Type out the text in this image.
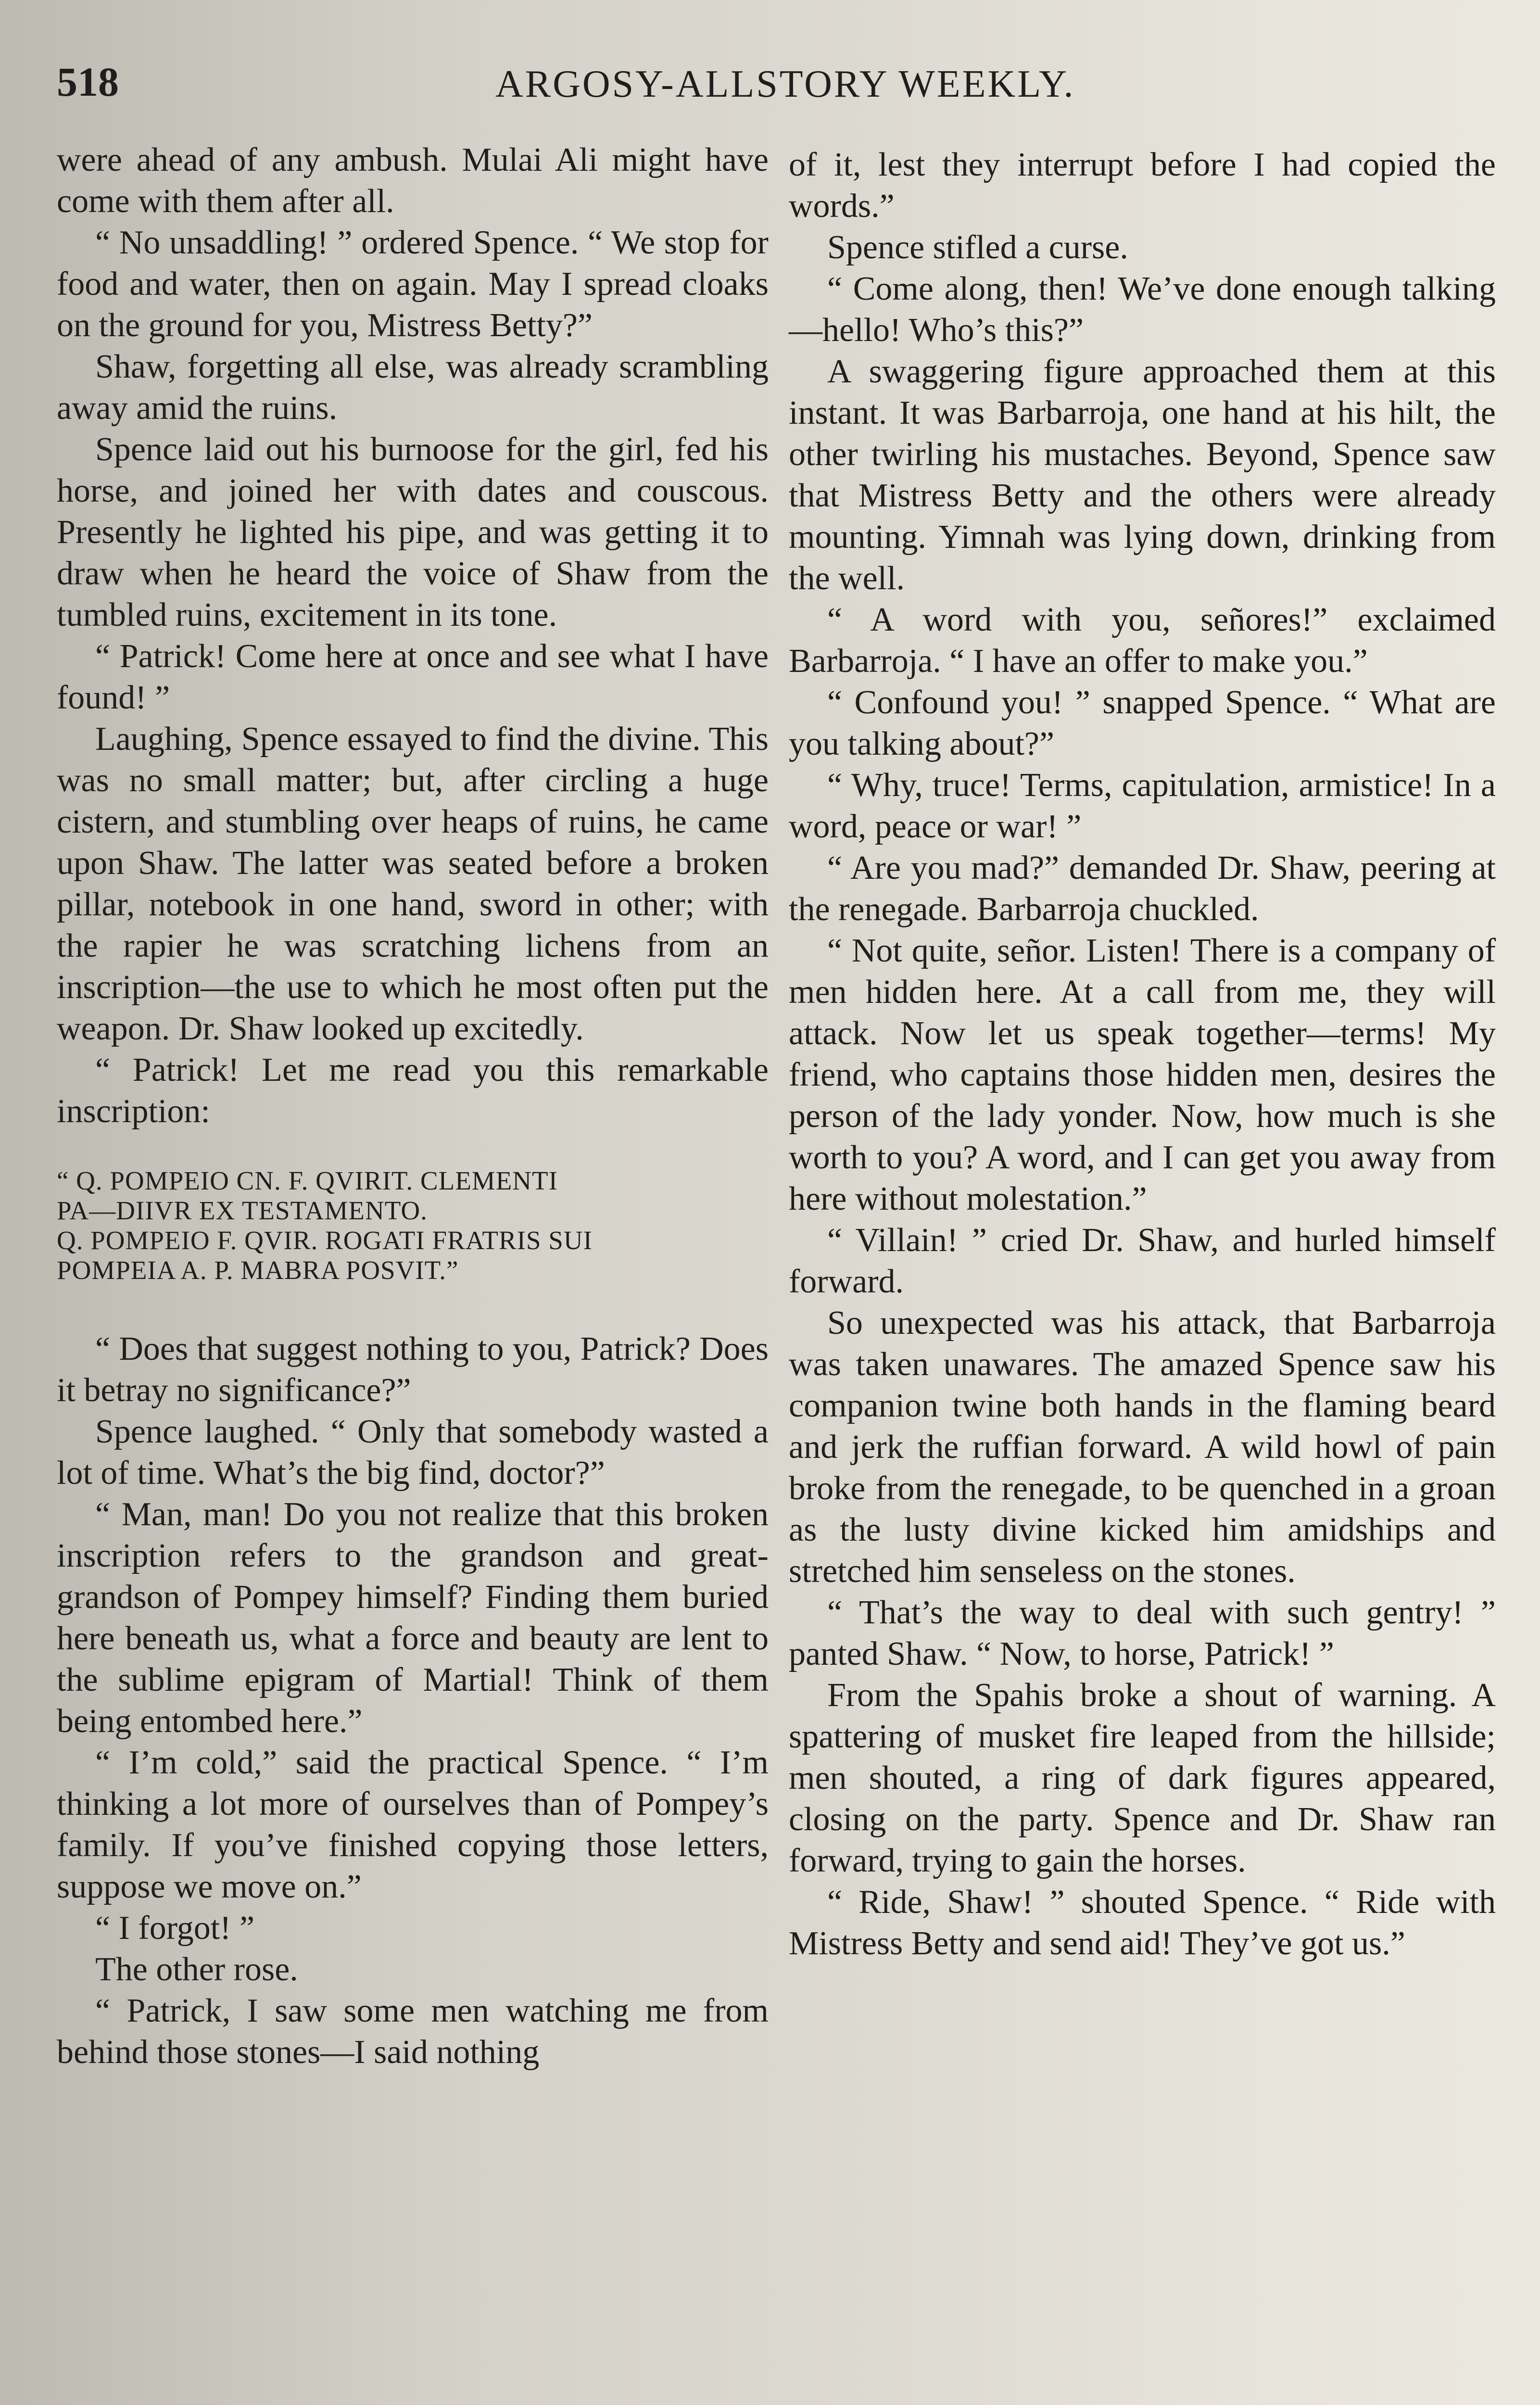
518	ARGOSY-ALLSTORY WEEKLY.

were ahead of any ambush. Mulai Ali might have come with them after all.

“ No unsaddling! ” ordered Spence. “ We stop for food and water, then on again. May I spread cloaks on the ground for you, Mistress Betty?”

Shaw, forgetting all else, was already scrambling away amid the ruins.

Spence laid out his burnoose for the girl, fed his horse, and joined her with dates and couscous. Presently he lighted his pipe, and was getting it to draw when he heard the voice of Shaw from the tumbled ruins, excitement in its tone.

“ Patrick! Come here at once and see what I have found! ”

Laughing, Spence essayed to find the divine. This was no small matter; but, after circling a huge cistern, and stumbling over heaps of ruins, he came upon Shaw. The latter was seated before a broken pillar, notebook in one hand, sword in other; with the rapier he was scratching lichens from an inscription—the use to which he most often put the weapon. Dr. Shaw looked up excitedly.

“ Patrick! Let me read you this remarkable inscription:

“ Q. POMPEIO CN. F. QVIRIT. CLEMENTI
PA—DIIVR EX TESTAMENTO.
Q. POMPEIO F. QVIR. ROGATI FRATRIS SUI
POMPEIA A. P. MABRA POSVIT.”

“ Does that suggest nothing to you, Patrick? Does it betray no significance?”

Spence laughed. “ Only that somebody wasted a lot of time. What’s the big find, doctor?”

“ Man, man! Do you not realize that this broken inscription refers to the grandson and great-grandson of Pompey himself? Finding them buried here beneath us, what a force and beauty are lent to the sublime epigram of Martial! Think of them being entombed here.”

“ I’m cold,” said the practical Spence. “ I’m thinking a lot more of ourselves than of Pompey’s family. If you’ve finished copying those letters, suppose we move on.”

“ I forgot! ”

The other rose.

“ Patrick, I saw some men watching me from behind those stones—I said nothing

of it, lest they interrupt before I had copied the words.”

Spence stifled a curse.

“ Come along, then! We’ve done enough talking—hello! Who’s this?”

A swaggering figure approached them at this instant. It was Barbarroja, one hand at his hilt, the other twirling his mustaches. Beyond, Spence saw that Mistress Betty and the others were already mounting. Yimnah was lying down, drinking from the well.

“ A word with you, señores!” exclaimed Barbarroja. “ I have an offer to make you.”

“ Confound you! ” snapped Spence. “ What are you talking about?”

“ Why, truce! Terms, capitulation, armistice! In a word, peace or war! ”

“ Are you mad?” demanded Dr. Shaw, peering at the renegade. Barbarroja chuckled.

“ Not quite, señor. Listen! There is a company of men hidden here. At a call from me, they will attack. Now let us speak together—terms! My friend, who captains those hidden men, desires the person of the lady yonder. Now, how much is she worth to you? A word, and I can get you away from here without molestation.”

“ Villain! ” cried Dr. Shaw, and hurled himself forward.

So unexpected was his attack, that Barbarroja was taken unawares. The amazed Spence saw his companion twine both hands in the flaming beard and jerk the ruffian forward. A wild howl of pain broke from the renegade, to be quenched in a groan as the lusty divine kicked him amidships and stretched him senseless on the stones.

“ That’s the way to deal with such gentry! ” panted Shaw. “ Now, to horse, Patrick! ”

From the Spahis broke a shout of warning. A spattering of musket fire leaped from the hillside; men shouted, a ring of dark figures appeared, closing on the party. Spence and Dr. Shaw ran forward, trying to gain the horses.

“ Ride, Shaw! ” shouted Spence. “ Ride with Mistress Betty and send aid! They’ve got us.”
